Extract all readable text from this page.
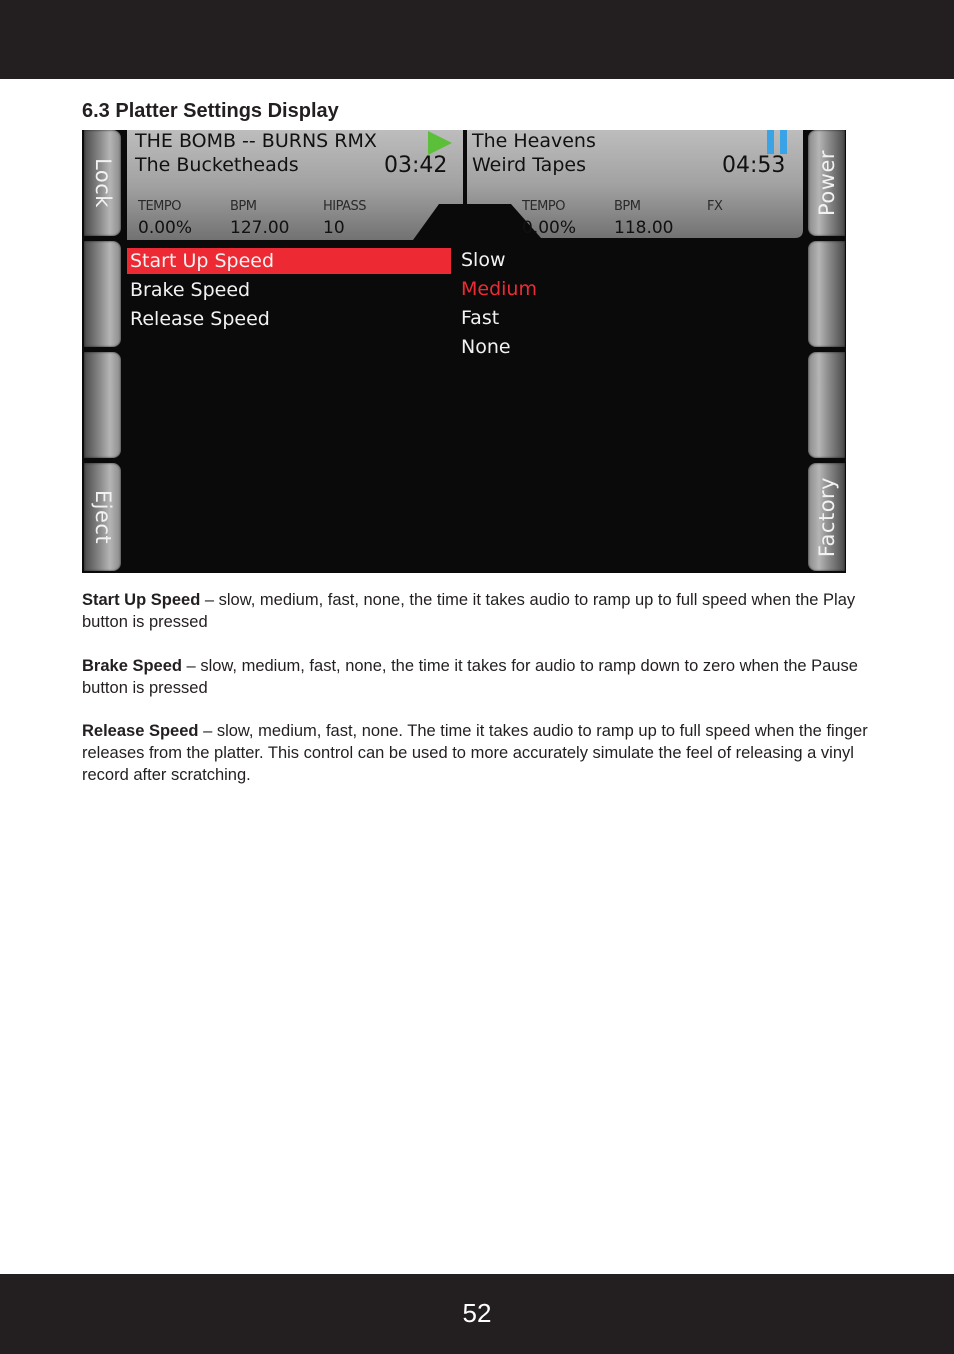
6.3 Platter Settings Display
Lock
Eject
Power
Factory
THE BOMB -- BURNS RMX
The Bucketheads	03:42
TEMPO	BPM	HIPASS
0.00% 127.00 10
The Heavens
Weird Tapes	04:53
TEMPO	BPM	FX
0.00% 118.00
Start Up Speed
Brake Speed
Release Speed
Slow
Medium
Fast
None
Start Up Speed – slow, medium, fast, none, the time it takes audio to ramp up to full speed when the Play button is pressed
Brake Speed – slow, medium, fast, none, the time it takes for audio to ramp down to zero when the Pause button is pressed
Release Speed – slow, medium, fast, none. The time it takes audio to ramp up to full speed when the finger releases from the platter. This control can be used to more accurately simulate the feel of releasing a vinyl record after scratching.
52
